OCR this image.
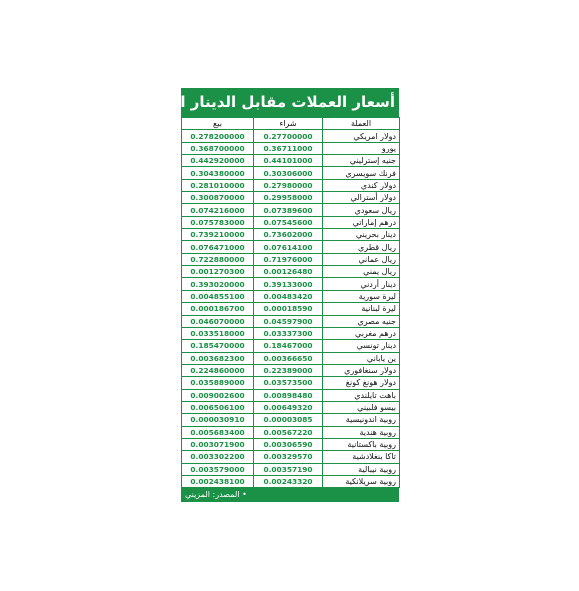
أسعار العملات مقابل الدينار الكويتي
بيع	شراء	العملة
0.278200000	0.27700000	دولار امريكي
0.368700000	0.36711000	يورو
0.442920000	0.44101000	جنيه إسترليني
0.304380000	0.30306000	فرنك سويسري
0.281010000	0.27980000	دولار كندي
0.300870000	0.29958000	دولار أسترالي
0.074216000	0.07389600	ريال سعودي
0.075783000	0.07545600	درهم إماراتي
0.739210000	0.73602000	دينار بحريني
0.076471000	0.07614100	ريال قطري
0.722880000	0.71976000	ريال عماني
0.001270300	0.00126480	ريال يمني
0.393020000	0.39133000	دينار أردني
0.004855100	0.00483420	ليرة سورية
0.000186700	0.00018590	ليرة لبنانية
0.046070000	0.04597900	جنيه مصري
0.033518000	0.03337300	درهم مغربي
0.185470000	0.18467000	دينار تونسي
0.003682300	0.00366650	ين ياباني
0.224860000	0.22389000	دولار سنغافوري
0.035889000	0.03573500	دولار هونغ كونغ
0.009002600	0.00898480	باهت تايلندي
0.006506100	0.00649320	بيسو فلبيني
0.000030910	0.00003085	روبية اندونيسية
0.005683400	0.00567220	روبية هندية
0.003071900	0.00306590	روبية باكستانية
0.003302200	0.00329570	تاكا بنغلادشية
0.003579000	0.00357190	روبية نيبالية
0.002438100	0.00243320	روبية سريلانكية
• المصدر: المزيني
